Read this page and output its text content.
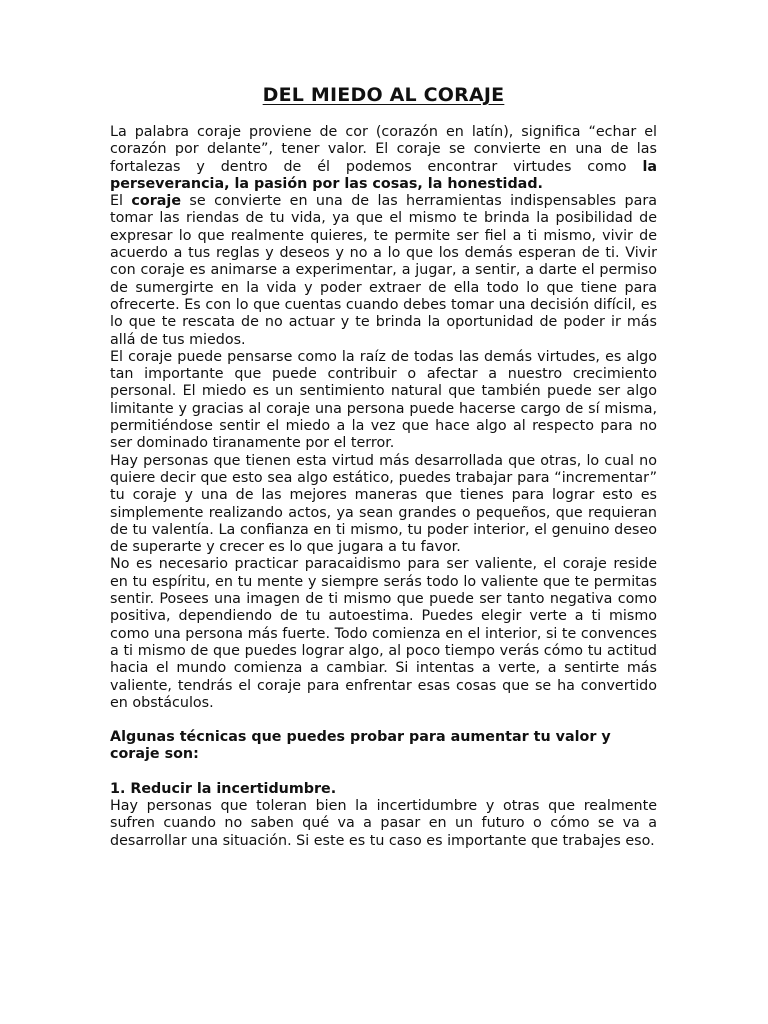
DEL MIEDO AL CORAJE

La palabra coraje proviene de cor (corazón en latín), significa “echar el corazón por delante”, tener valor. El coraje se convierte en una de las fortalezas y dentro de él podemos encontrar virtudes como la perseverancia, la pasión por las cosas, la honestidad.

El coraje se convierte en una de las herramientas indispensables para tomar las riendas de tu vida, ya que el mismo te brinda la posibilidad de expresar lo que realmente quieres, te permite ser fiel a ti mismo, vivir de acuerdo a tus reglas y deseos y no a lo que los demás esperan de ti. Vivir con coraje es animarse a experimentar, a jugar, a sentir, a darte el permiso de sumergirte en la vida y poder extraer de ella todo lo que tiene para ofrecerte. Es con lo que cuentas cuando debes tomar una decisión difícil, es lo que te rescata de no actuar y te brinda la oportunidad de poder ir más allá de tus miedos.

El coraje puede pensarse como la raíz de todas las demás virtudes, es algo tan importante que puede contribuir o afectar a nuestro crecimiento personal. El miedo es un sentimiento natural que también puede ser algo limitante y gracias al coraje una persona puede hacerse cargo de sí misma, permitiéndose sentir el miedo a la vez que hace algo al respecto para no ser dominado tiranamente por el terror.

Hay personas que tienen esta virtud más desarrollada que otras, lo cual no quiere decir que esto sea algo estático, puedes trabajar para “incrementar” tu coraje y una de las mejores maneras que tienes para lograr esto es simplemente realizando actos, ya sean grandes o pequeños, que requieran de tu valentía. La confianza en ti mismo, tu poder interior, el genuino deseo de superarte y crecer es lo que jugara a tu favor.

No es necesario practicar paracaidismo para ser valiente, el coraje reside en tu espíritu, en tu mente y siempre serás todo lo valiente que te permitas sentir. Posees una imagen de ti mismo que puede ser tanto negativa como positiva, dependiendo de tu autoestima. Puedes elegir verte a ti mismo como una persona más fuerte. Todo comienza en el interior, si te convences a ti mismo de que puedes lograr algo, al poco tiempo verás cómo tu actitud hacia el mundo comienza a cambiar. Si intentas a verte, a sentirte más valiente, tendrás el coraje para enfrentar esas cosas que se ha convertido en obstáculos.

Algunas técnicas que puedes probar para aumentar tu valor y coraje son:

1. Reducir la incertidumbre.

Hay personas que toleran bien la incertidumbre y otras que realmente sufren cuando no saben qué va a pasar en un futuro o cómo se va a desarrollar una situación. Si este es tu caso es importante que trabajes eso.
